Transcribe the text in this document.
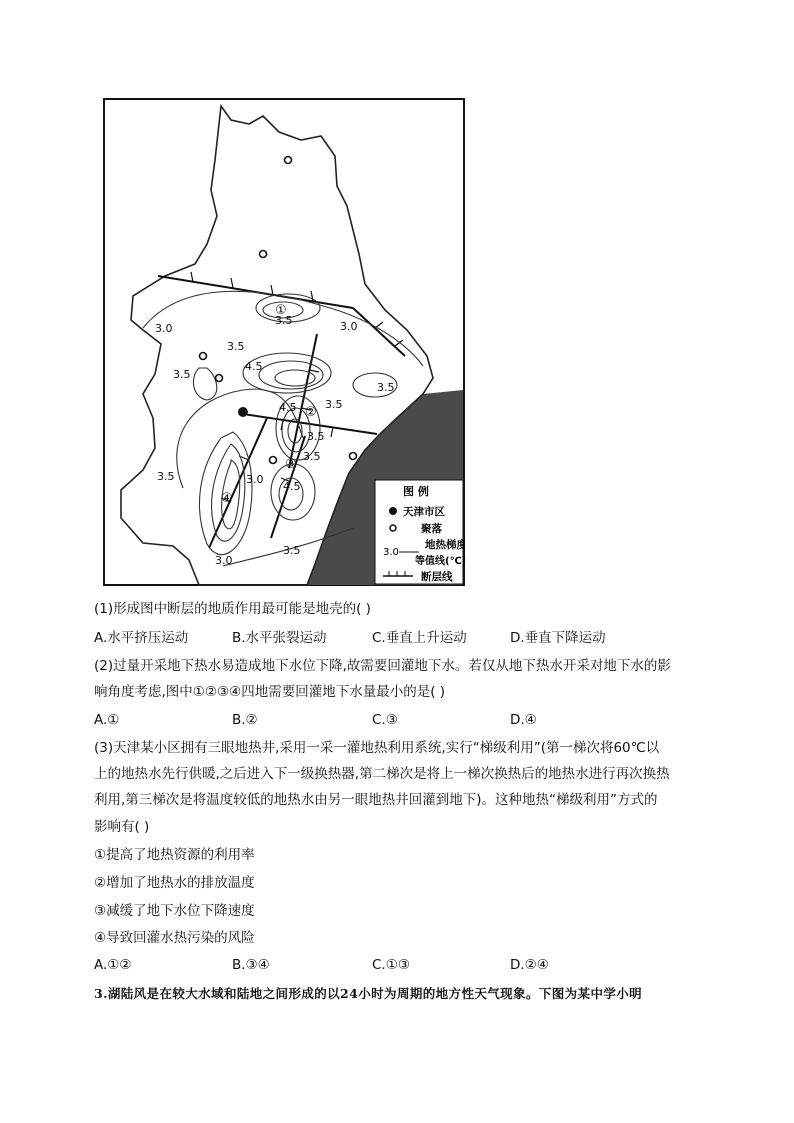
3.0
3.5	3.0
3.5
3.5
4.5
3.5
4.5	3.5
3.5
3.5	3.0
4.5
3.5
3.0
3.5
①
②
③
④	图 例
天津市区
聚落
地热梯度
3.0
等值线(℃)
断层线
(1)形成图中断层的地质作用最可能是地壳的( )
A.水平挤压运动	B.水平张裂运动	C.垂直上升运动	D.垂直下降运动
(2)过量开采地下热水易造成地下水位下降,故需要回灌地下水。若仅从地下热水开采对地下水的影
响角度考虑,图中①②③④四地需要回灌地下水量最小的是( )
A.①	B.②	C.③	D.④
(3)天津某小区拥有三眼地热井,采用一采一灌地热利用系统,实行“梯级利用”(第一梯次将60℃以
上的地热水先行供暖,之后进入下一级换热器,第二梯次是将上一梯次换热后的地热水进行再次换热
利用,第三梯次是将温度较低的地热水由另一眼地热井回灌到地下)。这种地热“梯级利用”方式的
影响有( )
①提高了地热资源的利用率
②增加了地热水的排放温度
③减缓了地下水位下降速度
④导致回灌水热污染的风险
A.①②	B.③④	C.①③	D.②④
3.湖陆风是在较大水域和陆地之间形成的以24小时为周期的地方性天气现象。下图为某中学小明
